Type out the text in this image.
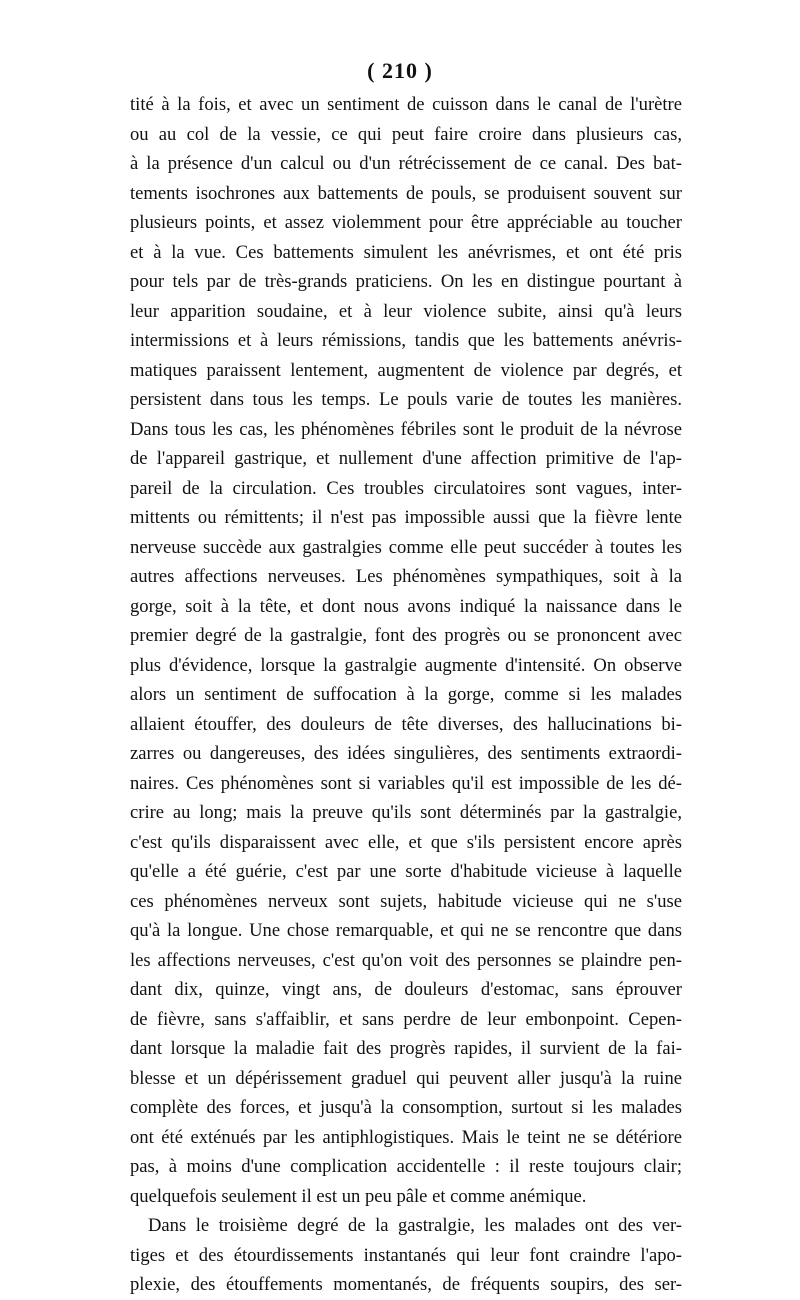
( 210 )
tité à la fois, et avec un sentiment de cuisson dans le canal de l'urètre
ou au col de la vessie, ce qui peut faire croire dans plusieurs cas,
à la présence d'un calcul ou d'un rétrécissement de ce canal. Des bat-
tements isochrones aux battements de pouls, se produisent souvent sur
plusieurs points, et assez violemment pour être appréciable au toucher
et à la vue. Ces battements simulent les anévrismes, et ont été pris
pour tels par de très-grands praticiens. On les en distingue pourtant à
leur apparition soudaine, et à leur violence subite, ainsi qu'à leurs
intermissions et à leurs rémissions, tandis que les battements anévris-
matiques paraissent lentement, augmentent de violence par degrés, et
persistent dans tous les temps. Le pouls varie de toutes les manières.
Dans tous les cas, les phénomènes fébriles sont le produit de la névrose
de l'appareil gastrique, et nullement d'une affection primitive de l'ap-
pareil de la circulation. Ces troubles circulatoires sont vagues, inter-
mittents ou rémittents; il n'est pas impossible aussi que la fièvre lente
nerveuse succède aux gastralgies comme elle peut succéder à toutes les
autres affections nerveuses. Les phénomènes sympathiques, soit à la
gorge, soit à la tête, et dont nous avons indiqué la naissance dans le
premier degré de la gastralgie, font des progrès ou se prononcent avec
plus d'évidence, lorsque la gastralgie augmente d'intensité. On observe
alors un sentiment de suffocation à la gorge, comme si les malades
allaient étouffer, des douleurs de tête diverses, des hallucinations bi-
zarres ou dangereuses, des idées singulières, des sentiments extraordi-
naires. Ces phénomènes sont si variables qu'il est impossible de les dé-
crire au long; mais la preuve qu'ils sont déterminés par la gastralgie,
c'est qu'ils disparaissent avec elle, et que s'ils persistent encore après
qu'elle a été guérie, c'est par une sorte d'habitude vicieuse à laquelle
ces phénomènes nerveux sont sujets, habitude vicieuse qui ne s'use
qu'à la longue. Une chose remarquable, et qui ne se rencontre que dans
les affections nerveuses, c'est qu'on voit des personnes se plaindre pen-
dant dix, quinze, vingt ans, de douleurs d'estomac, sans éprouver
de fièvre, sans s'affaiblir, et sans perdre de leur embonpoint. Cepen-
dant lorsque la maladie fait des progrès rapides, il survient de la fai-
blesse et un dépérissement graduel qui peuvent aller jusqu'à la ruine
complète des forces, et jusqu'à la consomption, surtout si les malades
ont été exténués par les antiphlogistiques. Mais le teint ne se détériore
pas, à moins d'une complication accidentelle : il reste toujours clair;
quelquefois seulement il est un peu pâle et comme anémique.
Dans le troisième degré de la gastralgie, les malades ont des ver-
tiges et des étourdissements instantanés qui leur font craindre l'apo-
plexie, des étouffements momentanés, de fréquents soupirs, des ser-
